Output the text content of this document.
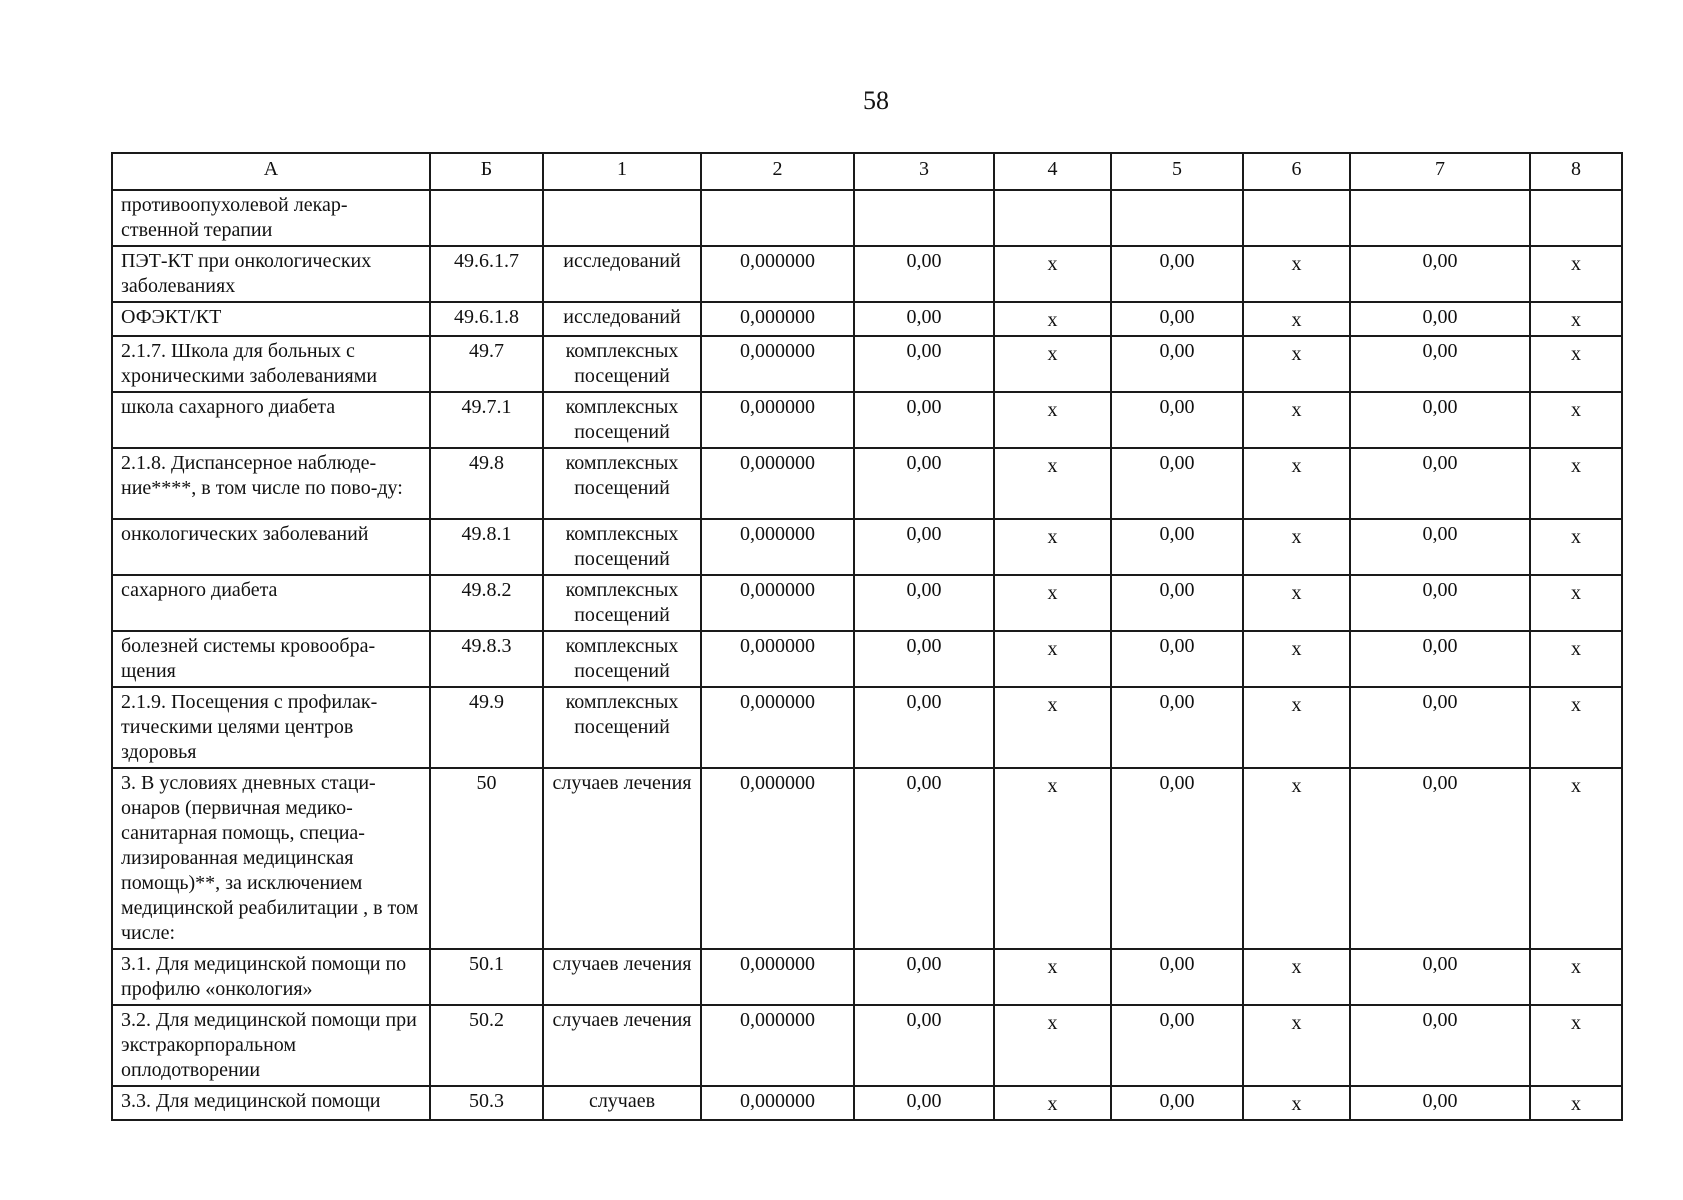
58
А	Б	1	2	3	4	5	6	7	8
противоопухолевой лекар-ственной терапии									
ПЭТ-КТ при онкологических заболеваниях	49.6.1.7	исследований	0,000000	0,00	х	0,00	х	0,00	х
ОФЭКТ/КТ	49.6.1.8	исследований	0,000000	0,00	х	0,00	х	0,00	х
2.1.7. Школа для больных с хроническими заболеваниями	49.7	комплексных посещений	0,000000	0,00	х	0,00	х	0,00	х
школа сахарного диабета	49.7.1	комплексных посещений	0,000000	0,00	х	0,00	х	0,00	х
2.1.8. Диспансерное наблюде-ние****, в том числе по пово-ду:	49.8	комплексных посещений	0,000000	0,00	х	0,00	х	0,00	х
онкологических заболеваний	49.8.1	комплексных посещений	0,000000	0,00	х	0,00	х	0,00	х
сахарного диабета	49.8.2	комплексных посещений	0,000000	0,00	х	0,00	х	0,00	х
болезней системы кровообра-щения	49.8.3	комплексных посещений	0,000000	0,00	х	0,00	х	0,00	х
2.1.9. Посещения с профилак-тическими целями центров здоровья	49.9	комплексных посещений	0,000000	0,00	х	0,00	х	0,00	х
3. В условиях дневных стаци-онаров (первичная медико-санитарная помощь, специа-лизированная медицинская помощь)**, за исключением медицинской реабилитации , в том числе:	50	случаев лечения	0,000000	0,00	х	0,00	х	0,00	х
3.1. Для медицинской помощи по профилю «онкология»	50.1	случаев лечения	0,000000	0,00	х	0,00	х	0,00	х
3.2. Для медицинской помощи при экстракорпоральном оплодотворении	50.2	случаев лечения	0,000000	0,00	х	0,00	х	0,00	х
3.3. Для медицинской помощи	50.3	случаев	0,000000	0,00	х	0,00	х	0,00	х
